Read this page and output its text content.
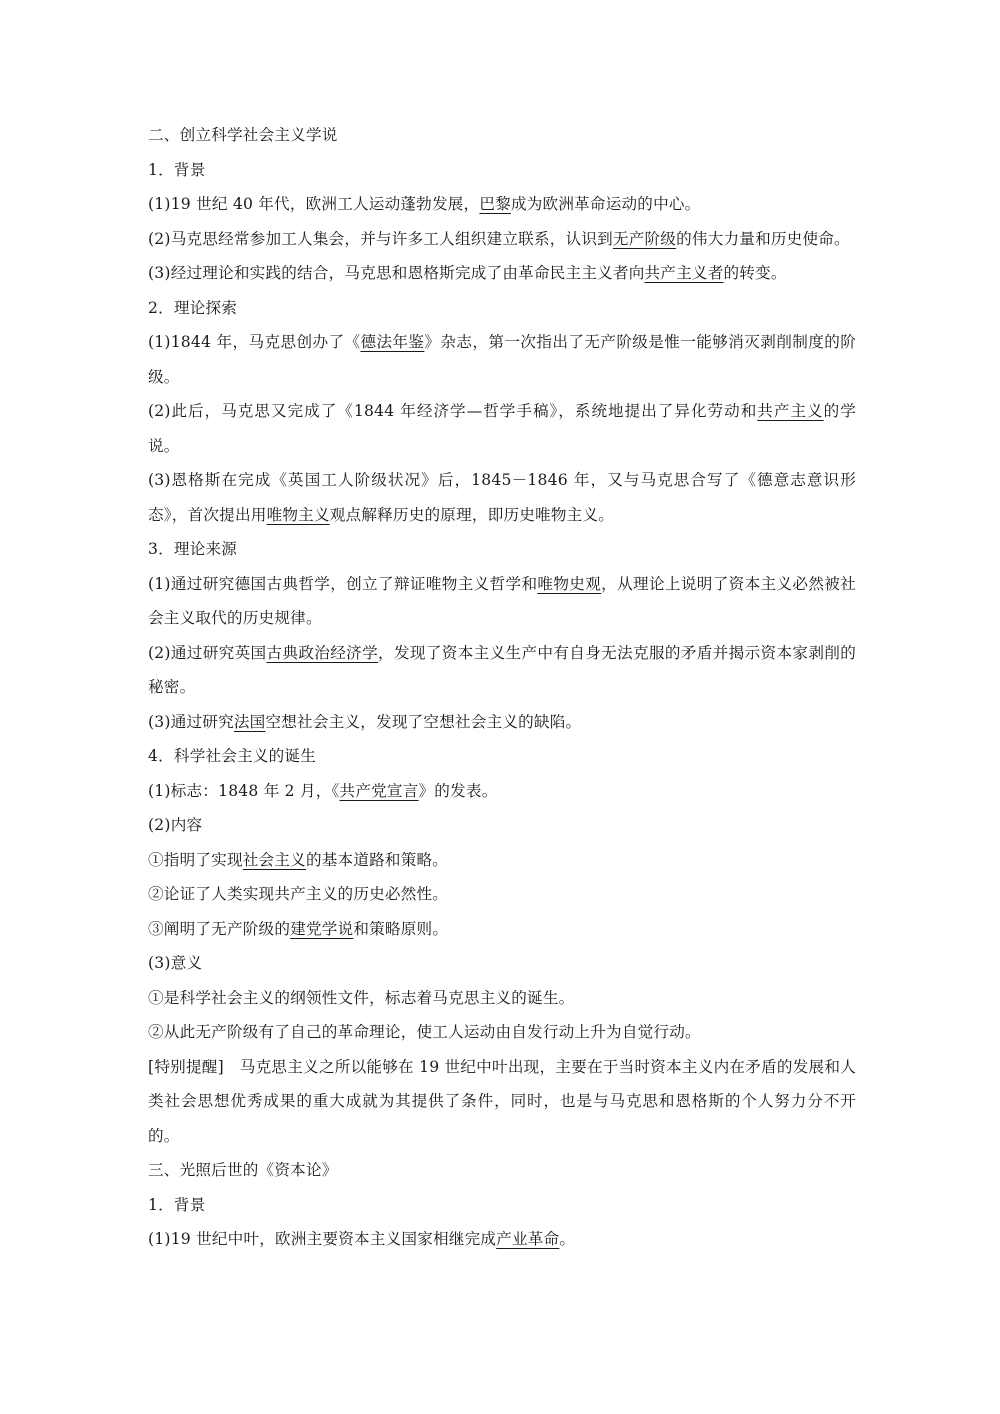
二、创立科学社会主义学说
1．背景
(1)19 世纪 40 年代，欧洲工人运动蓬勃发展，巴黎成为欧洲革命运动的中心。
(2)马克思经常参加工人集会，并与许多工人组织建立联系，认识到无产阶级的伟大力量和历史使命。
(3)经过理论和实践的结合，马克思和恩格斯完成了由革命民主主义者向共产主义者的转变。
2．理论探索
(1)1844 年，马克思创办了《德法年鉴》杂志，第一次指出了无产阶级是惟一能够消灭剥削制度的阶级。
(2)此后，马克思又完成了《1844 年经济学—哲学手稿》，系统地提出了异化劳动和共产主义的学说。
(3)恩格斯在完成《英国工人阶级状况》后，1845－1846 年，又与马克思合写了《德意志意识形态》，首次提出用唯物主义观点解释历史的原理，即历史唯物主义。
3．理论来源
(1)通过研究德国古典哲学，创立了辩证唯物主义哲学和唯物史观，从理论上说明了资本主义必然被社会主义取代的历史规律。
(2)通过研究英国古典政治经济学，发现了资本主义生产中有自身无法克服的矛盾并揭示资本家剥削的秘密。
(3)通过研究法国空想社会主义，发现了空想社会主义的缺陷。
4．科学社会主义的诞生
(1)标志：1848 年 2 月，《共产党宣言》的发表。
(2)内容
①指明了实现社会主义的基本道路和策略。
②论证了人类实现共产主义的历史必然性。
③阐明了无产阶级的建党学说和策略原则。
(3)意义
①是科学社会主义的纲领性文件，标志着马克思主义的诞生。
②从此无产阶级有了自己的革命理论，使工人运动由自发行动上升为自觉行动。
[特别提醒]　马克思主义之所以能够在 19 世纪中叶出现，主要在于当时资本主义内在矛盾的发展和人类社会思想优秀成果的重大成就为其提供了条件，同时，也是与马克思和恩格斯的个人努力分不开的。
三、光照后世的《资本论》
1．背景
(1)19 世纪中叶，欧洲主要资本主义国家相继完成产业革命。
